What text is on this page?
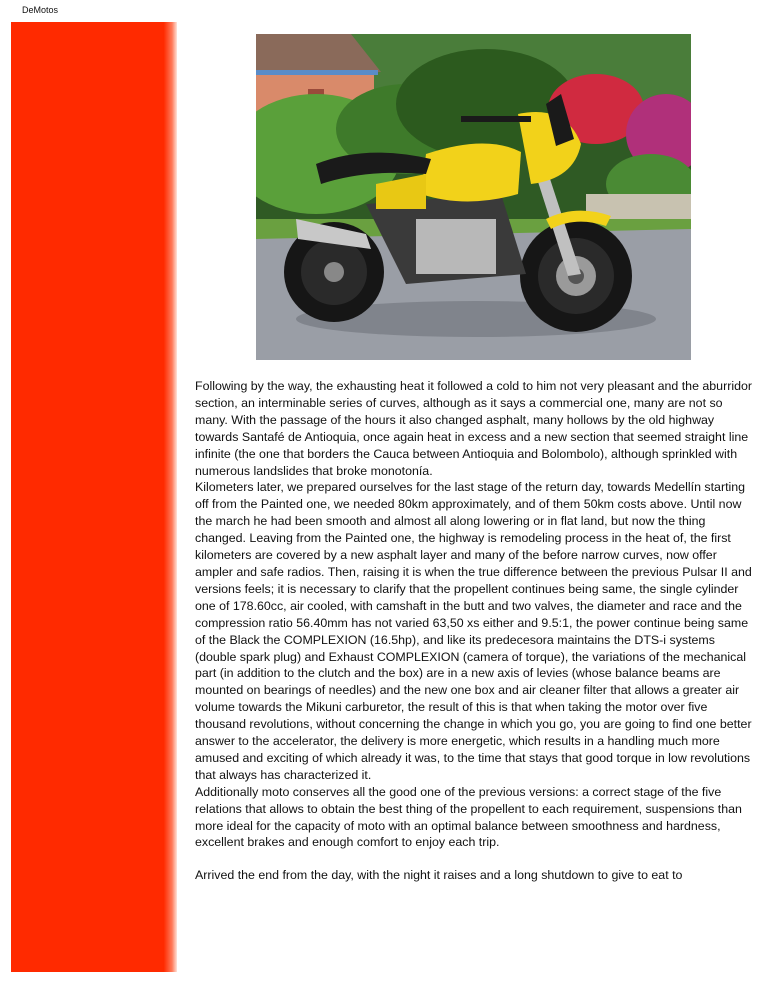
DeMotos

Following by the way, the exhausting heat it followed a cold to him not very pleasant and the aburridor section, an interminable series of curves, although as it says a commercial one, many are not so many. With the passage of the hours it also changed asphalt, many hollows by the old highway towards Santafé de Antioquia, once again heat in excess and a new section that seemed straight line infinite (the one that borders the Cauca between Antioquia and Bolombolo), although sprinkled with numerous landslides that broke monotonía.

Kilometers later, we prepared ourselves for the last stage of the return day, towards Medellín starting off from the Painted one, we needed 80km approximately, and of them 50km costs above. Until now the march he had been smooth and almost all along lowering or in flat land, but now the thing changed. Leaving from the Painted one, the highway is remodeling process in the heat of, the first kilometers are covered by a new asphalt layer and many of the before narrow curves, now offer ampler and safe radios. Then, raising it is when the true difference between the previous Pulsar II and versions feels; it is necessary to clarify that the propellent continues being same, the single cylinder one of 178.60cc, air cooled, with camshaft in the butt and two valves, the diameter and race and the compression ratio 56.40mm has not varied 63,50 xs either and 9.5:1, the power continue being same of the Black the COMPLEXION (16.5hp), and like its predecesora maintains the DTS-i systems (double spark plug) and Exhaust COMPLEXION (camera of torque), the variations of the mechanical part (in addition to the clutch and the box) are in a new axis of levies (whose balance beams are mounted on bearings of needles) and the new one box and air cleaner filter that allows a greater air volume towards the Mikuni carburetor, the result of this is that when taking the motor over five thousand revolutions, without concerning the change in which you go, you are going to find one better answer to the accelerator, the delivery is more energetic, which results in a handling much more amused and exciting of which already it was, to the time that stays that good torque in low revolutions that always has characterized it.

Additionally moto conserves all the good one of the previous versions: a correct stage of the five relations that allows to obtain the best thing of the propellent to each requirement, suspensions than more ideal for the capacity of moto with an optimal balance between smoothness and hardness, excellent brakes and enough comfort to enjoy each trip.

Arrived the end from the day, with the night it raises and a long shutdown to give to eat to
